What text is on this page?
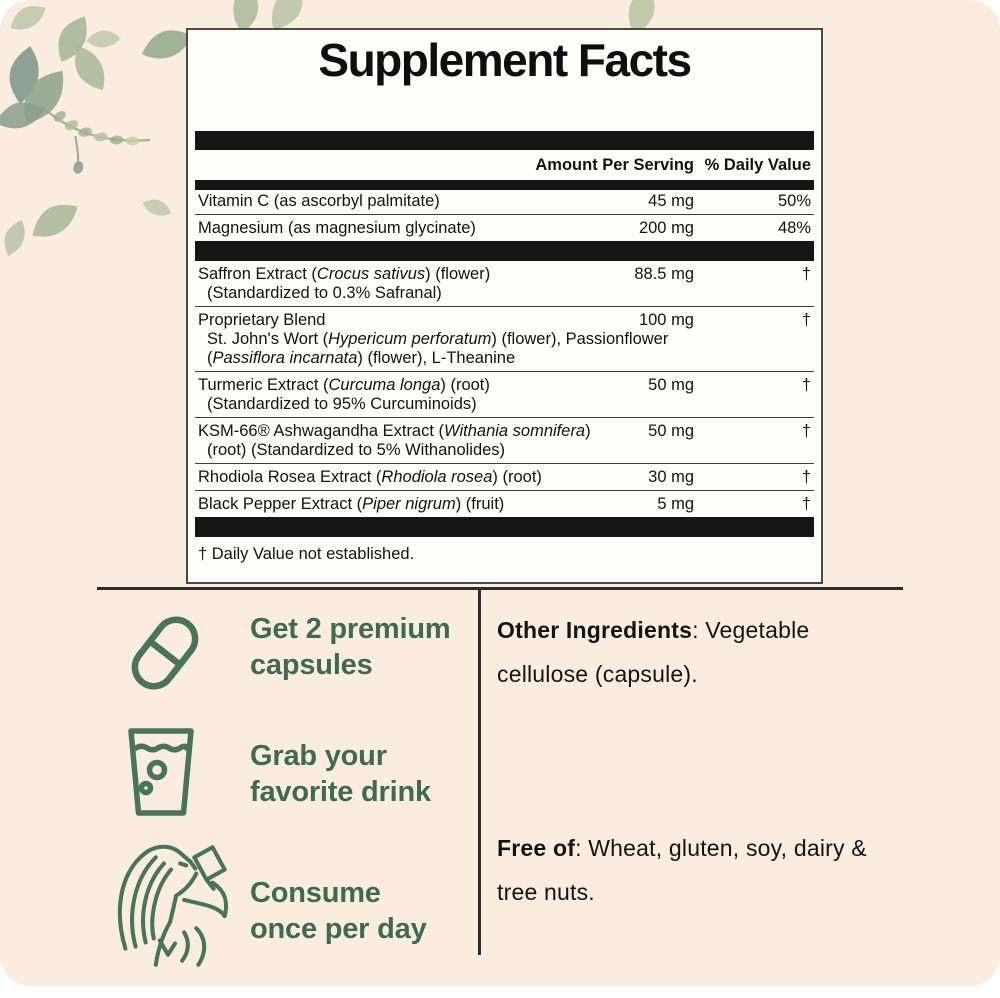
Supplement Facts
Amount Per Serving % Daily Value
Vitamin C (as ascorbyl palmitate)	45 mg	50%
Magnesium (as magnesium glycinate)	200 mg	48%
Saffron Extract (Crocus sativus) (flower)	88.5 mg	†
(Standardized to 0.3% Safranal)
Proprietary Blend	100 mg	†
St. John's Wort (Hypericum perforatum) (flower), Passionflower
(Passiflora incarnata) (flower), L-Theanine
Turmeric Extract (Curcuma longa) (root)	50 mg	†
(Standardized to 95% Curcuminoids)
KSM-66® Ashwagandha Extract (Withania somnifera)	50 mg	†
(root) (Standardized to 5% Withanolides)
Rhodiola Rosea Extract (Rhodiola rosea) (root)	30 mg	†
Black Pepper Extract (Piper nigrum) (fruit)	5 mg	†
† Daily Value not established.
Get 2 premium
capsules
Grab your
favorite drink
Consume
once per day
Other Ingredients: Vegetable cellulose (capsule).
Free of: Wheat, gluten, soy, dairy & tree nuts.
